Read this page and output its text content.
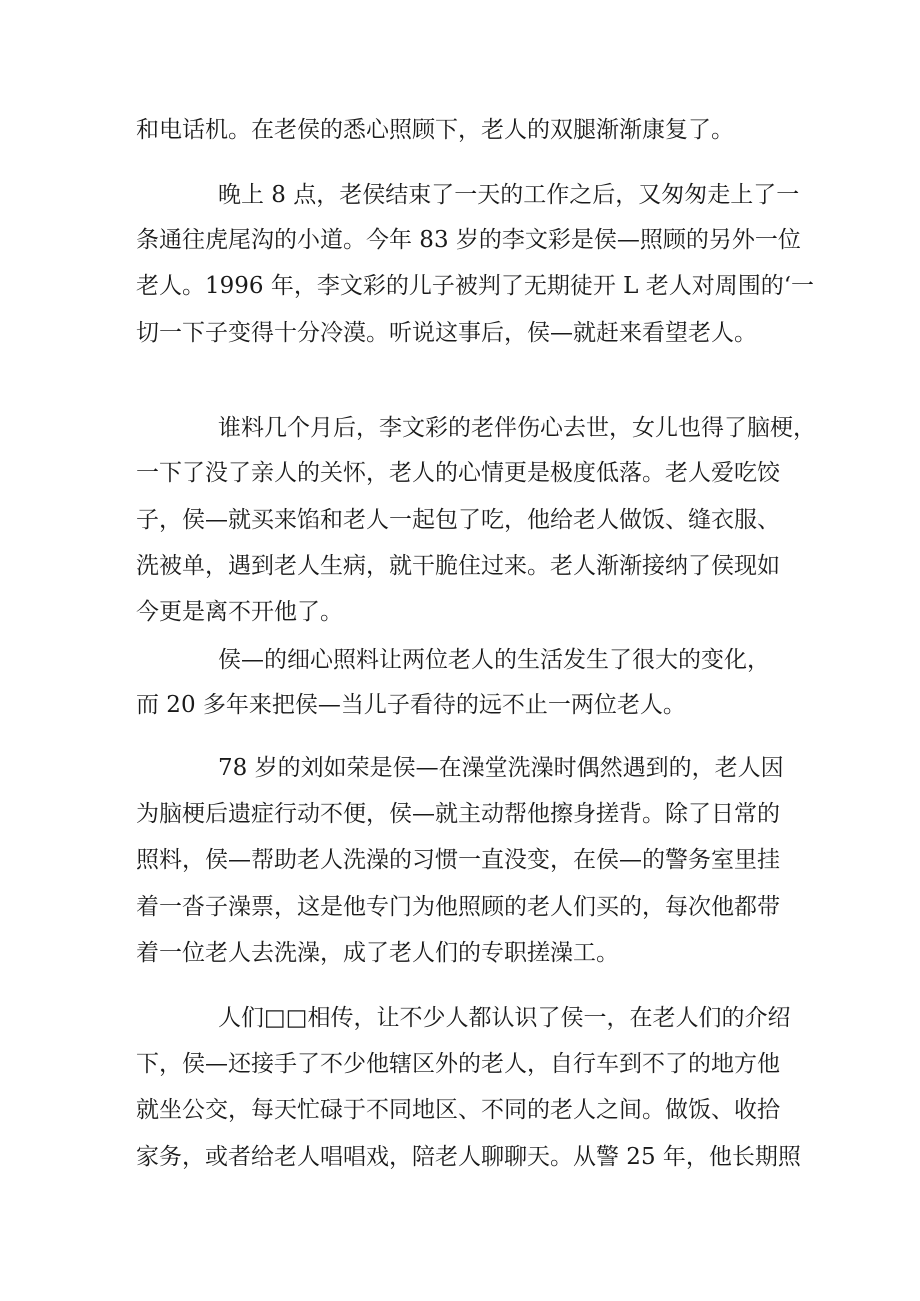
和电话机。在老侯的悉心照顾下，老人的双腿渐渐康复了。
晚上 8 点，老侯结束了一天的工作之后，又匆匆走上了一
条通往虎尾沟的小道。今年 83 岁的李文彩是侯—照顾的另外一位
老人。1996 年，李文彩的儿子被判了无期徒开 L 老人对周围的‘一
切一下子变得十分冷漠。听说这事后，侯—就赶来看望老人。
谁料几个月后，李文彩的老伴伤心去世，女儿也得了脑梗，
一下了没了亲人的关怀，老人的心情更是极度低落。老人爱吃饺
子，侯—就买来馅和老人一起包了吃，他给老人做饭、缝衣服、
洗被单，遇到老人生病，就干脆住过来。老人渐渐接纳了侯现如
今更是离不开他了。
侯—的细心照料让两位老人的生活发生了很大的变化，
而 20 多年来把侯—当儿子看待的远不止一两位老人。
78 岁的刘如荣是侯—在澡堂洗澡时偶然遇到的，老人因
为脑梗后遗症行动不便，侯—就主动帮他擦身搓背。除了日常的
照料，侯—帮助老人洗澡的习惯一直没变，在侯—的警务室里挂
着一沓子澡票，这是他专门为他照顾的老人们买的，每次他都带
着一位老人去洗澡，成了老人们的专职搓澡工。
人们□□相传，让不少人都认识了侯一，在老人们的介绍
下，侯—还接手了不少他辖区外的老人，自行车到不了的地方他
就坐公交，每天忙碌于不同地区、不同的老人之间。做饭、收拾
家务，或者给老人唱唱戏，陪老人聊聊天。从警 25 年，他长期照
